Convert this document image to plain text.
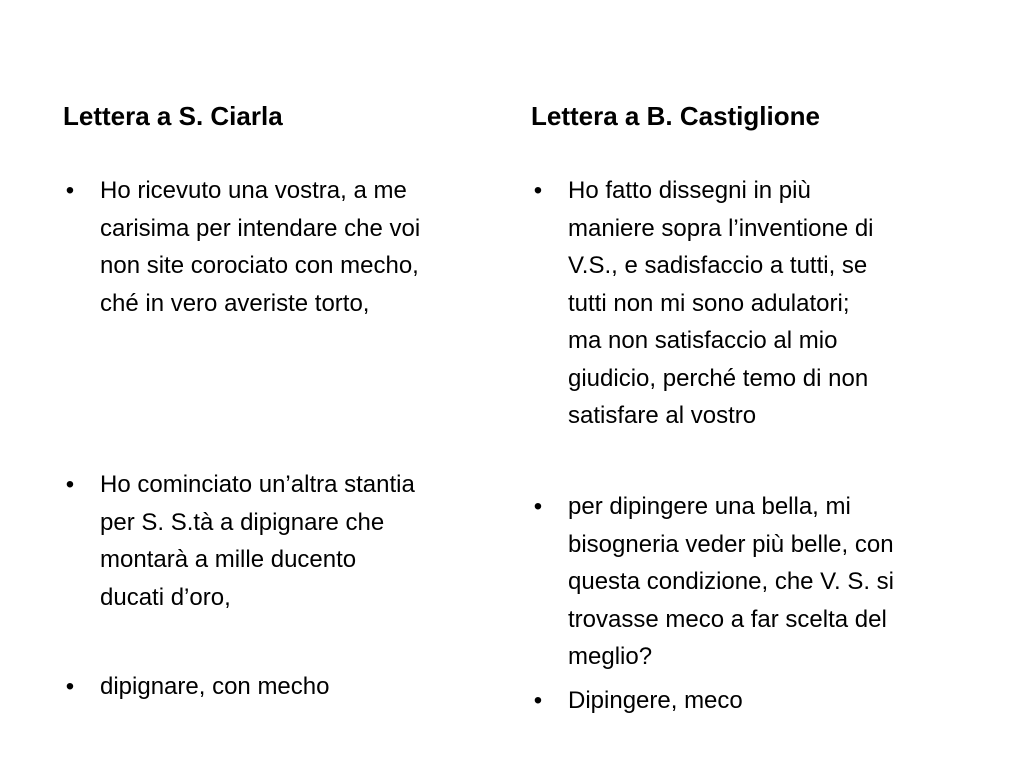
Lettera a S. Ciarla
• Ho ricevuto una vostra, a me
carisima per intendare che voi
non site corociato con mecho,
ché in vero averiste torto,
• Ho cominciato un’altra stantia
per S. S.tà a dipignare che
montarà a mille ducento
ducati d’oro,
• dipignare, con mecho
Lettera a B. Castiglione
• Ho fatto dissegni in più
maniere sopra l’inventione di
V.S., e sadisfaccio a tutti, se
tutti non mi sono adulatori;
ma non satisfaccio al mio
giudicio, perché temo di non
satisfare al vostro
• per dipingere una bella, mi
bisogneria veder più belle, con
questa condizione, che V. S. si
trovasse meco a far scelta del
meglio?
• Dipingere, meco
